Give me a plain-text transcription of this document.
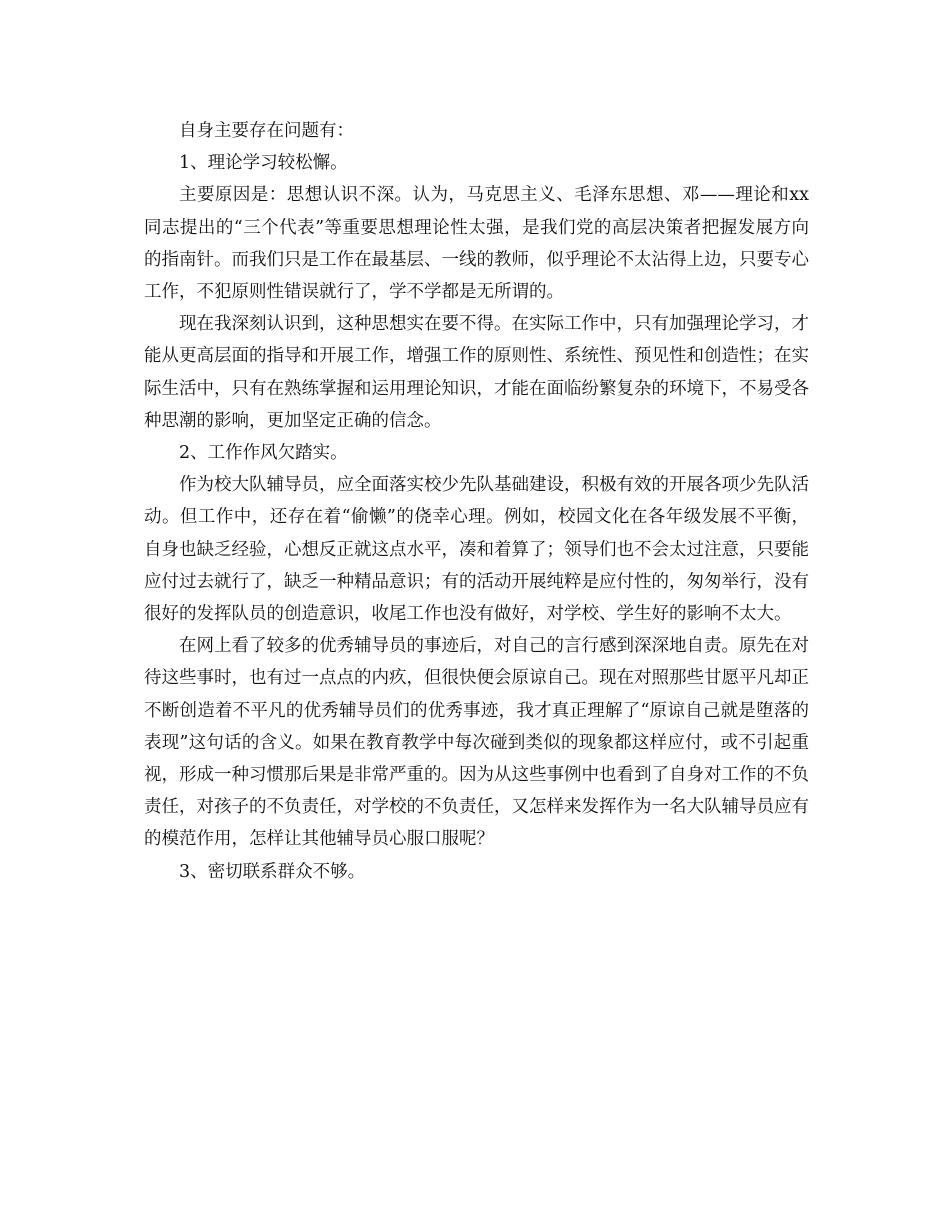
自身主要存在问题有：

1、理论学习较松懈。

主要原因是：思想认识不深。认为，马克思主义、毛泽东思想、邓——理论和xx同志提出的“三个代表”等重要思想理论性太强，是我们党的高层决策者把握发展方向的指南针。而我们只是工作在最基层、一线的教师，似乎理论不太沾得上边，只要专心工作，不犯原则性错误就行了，学不学都是无所谓的。

现在我深刻认识到，这种思想实在要不得。在实际工作中，只有加强理论学习，才能从更高层面的指导和开展工作，增强工作的原则性、系统性、预见性和创造性；在实际生活中，只有在熟练掌握和运用理论知识，才能在面临纷繁复杂的环境下，不易受各种思潮的影响，更加坚定正确的信念。

2、工作作风欠踏实。

作为校大队辅导员，应全面落实校少先队基础建设，积极有效的开展各项少先队活动。但工作中，还存在着“偷懒”的侥幸心理。例如，校园文化在各年级发展不平衡，自身也缺乏经验，心想反正就这点水平，凑和着算了；领导们也不会太过注意，只要能应付过去就行了，缺乏一种精品意识；有的活动开展纯粹是应付性的，匆匆举行，没有很好的发挥队员的创造意识，收尾工作也没有做好，对学校、学生好的影响不太大。

在网上看了较多的优秀辅导员的事迹后，对自己的言行感到深深地自责。原先在对待这些事时，也有过一点点的内疚，但很快便会原谅自己。现在对照那些甘愿平凡却正不断创造着不平凡的优秀辅导员们的优秀事迹，我才真正理解了“原谅自己就是堕落的表现”这句话的含义。如果在教育教学中每次碰到类似的现象都这样应付，或不引起重视，形成一种习惯那后果是非常严重的。因为从这些事例中也看到了自身对工作的不负责任，对孩子的不负责任，对学校的不负责任，又怎样来发挥作为一名大队辅导员应有的模范作用，怎样让其他辅导员心服口服呢？

3、密切联系群众不够。
